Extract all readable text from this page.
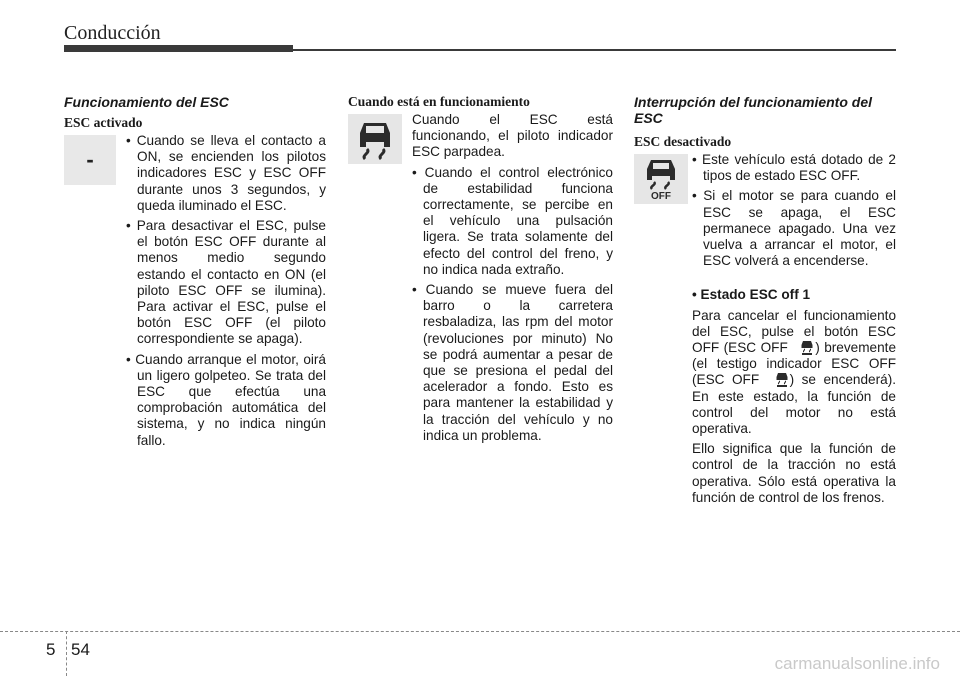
Conducción
Funcionamiento del ESC
ESC activado
-
• Cuando se lleva el contacto a ON, se encienden los pilotos indicadores ESC y ESC OFF durante unos 3 segundos, y queda iluminado el ESC.
• Para desactivar el ESC, pulse el botón ESC OFF durante al menos medio segundo estando el contacto en ON (el piloto ESC OFF se ilumina). Para activar el ESC, pulse el botón ESC OFF (el piloto correspondiente se apaga).
• Cuando arranque el motor, oirá un ligero golpeteo. Se trata del ESC que efectúa una comprobación automática del sistema, y no indica ningún fallo.
Cuando está en funcionamiento

Cuando el ESC está funcionando, el piloto indicador ESC parpadea.

• Cuando el control electrónico de estabilidad funciona correctamente, se percibe en el vehículo una pulsación ligera. Se trata solamente del efecto del control del freno, y no indica nada extraño.
• Cuando se mueve fuera del barro o la carretera resbaladiza, las rpm del motor (revoluciones por minuto) No se podrá aumentar a pesar de que se presiona el pedal del acelerador a fondo. Esto es para mantener la estabilidad y la tracción del vehículo y no indica un problema.
Interrupción del funcionamiento del ESC
ESC desactivado
OFF
• Este vehículo está dotado de 2 tipos de estado ESC OFF.
• Si el motor se para cuando el ESC se apaga, el ESC permanece apagado. Una vez vuelva a arrancar el motor, el ESC volverá a encenderse.
• Estado ESC off 1

Para cancelar el funcionamiento del ESC, pulse el botón ESC OFF (ESC OFF ) brevemente (el testigo indicador ESC OFF (ESC OFF ) se encenderá). En este estado, la función de control del motor no está operativa.

Ello significa que la función de control de la tracción no está operativa. Sólo está operativa la función de control de los frenos.

5 54
carmanualsonline.info
